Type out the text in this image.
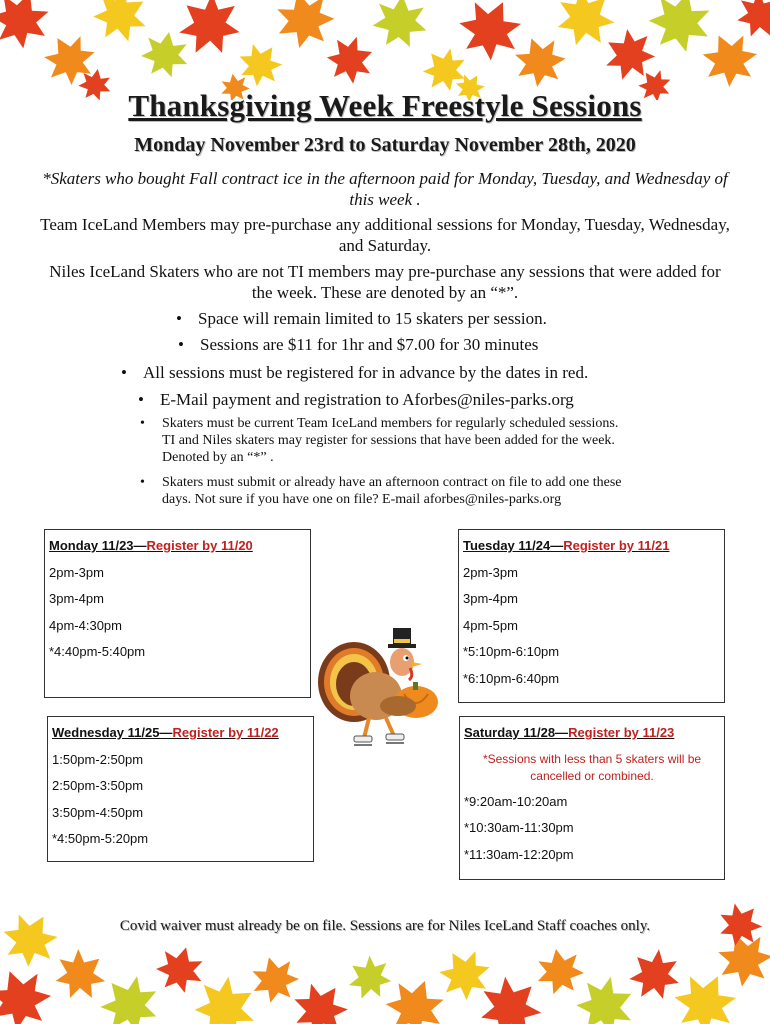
Thanksgiving Week Freestyle Sessions
Monday November 23rd to Saturday November 28th, 2020
*Skaters who bought Fall contract ice in the afternoon paid for Monday, Tuesday, and Wednesday of this week .
Team IceLand Members may pre-purchase any additional sessions for Monday, Tuesday, Wednesday, and Saturday.
Niles IceLand Skaters who are not TI members may pre-purchase any sessions that were added for the week. These are denoted by an “*”.
• Space will remain limited to 15 skaters per session.
• Sessions are $11 for 1hr and $7.00 for 30 minutes
• All sessions must be registered for in advance by the dates in red.
• E-Mail payment and registration to Aforbes@niles-parks.org
• Skaters must be current Team IceLand members for regularly scheduled sessions.
TI and Niles skaters may register for sessions that have been added for the week.
Denoted by an “*” .
• Skaters must submit or already have an afternoon contract on file to add one these
days. Not sure if you have one on file? E-mail aforbes@niles-parks.org
Monday 11/23—Register by 11/20
2pm-3pm
3pm-4pm
4pm-4:30pm
*4:40pm-5:40pm
Tuesday 11/24—Register by 11/21
2pm-3pm
3pm-4pm
4pm-5pm
*5:10pm-6:10pm
*6:10pm-6:40pm
Wednesday 11/25—Register by 11/22
1:50pm-2:50pm
2:50pm-3:50pm
3:50pm-4:50pm
*4:50pm-5:20pm
Saturday 11/28—Register by 11/23
*Sessions with less than 5 skaters will be cancelled or combined.
*9:20am-10:20am
*10:30am-11:30pm
*11:30am-12:20pm
Covid waiver must already be on file. Sessions are for Niles IceLand Staff coaches only.
